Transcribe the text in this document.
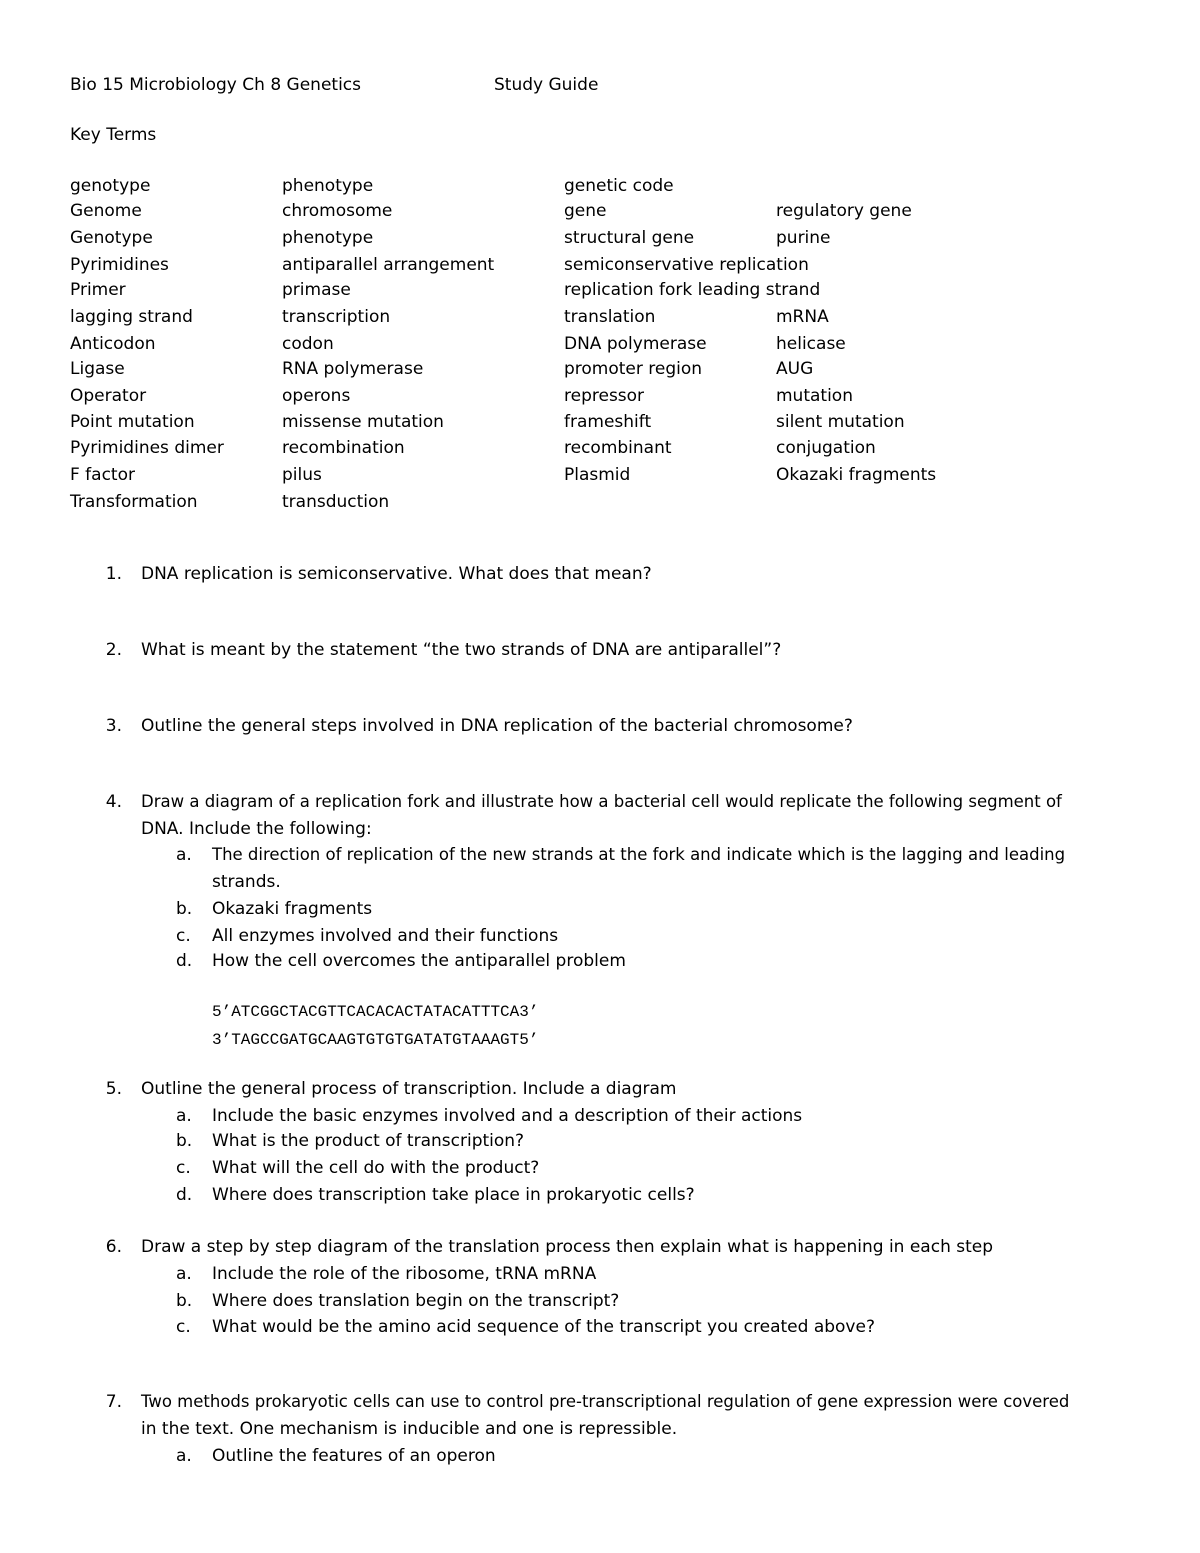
Bio 15 Microbiology Ch 8 Genetics	Study Guide
Key Terms
genotype	phenotype	genetic code
Genome	chromosome	gene	regulatory gene
Genotype	phenotype	structural gene	purine
Pyrimidines	antiparallel arrangement	semiconservative replication
Primer	primase	replication fork leading strand
lagging strand	transcription	translation	mRNA
Anticodon	codon	DNA polymerase	helicase
Ligase	RNA polymerase	promoter region	AUG
Operator	operons	repressor	mutation
Point mutation	missense mutation	frameshift	silent mutation
Pyrimidines dimer	recombination	recombinant	conjugation
F factor	pilus	Plasmid	Okazaki fragments
Transformation	transduction
1. DNA replication is semiconservative. What does that mean?
2. What is meant by the statement “the two strands of DNA are antiparallel”?
3. Outline the general steps involved in DNA replication of the bacterial chromosome?
4. Draw a diagram of a replication fork and illustrate how a bacterial cell would replicate the following segment of
DNA. Include the following:
a. The direction of replication of the new strands at the fork and indicate which is the lagging and leading
strands.
b. Okazaki fragments
c. All enzymes involved and their functions
d. How the cell overcomes the antiparallel problem
5’ATCGGCTACGTTCACACACTATACATTTCA3’
3’TAGCCGATGCAAGTGTGTGATATGTAAAGT5’
5. Outline the general process of transcription. Include a diagram
a. Include the basic enzymes involved and a description of their actions
b. What is the product of transcription?
c. What will the cell do with the product?
d. Where does transcription take place in prokaryotic cells?
6. Draw a step by step diagram of the translation process then explain what is happening in each step
a. Include the role of the ribosome, tRNA mRNA
b. Where does translation begin on the transcript?
c. What would be the amino acid sequence of the transcript you created above?
7. Two methods prokaryotic cells can use to control pre-transcriptional regulation of gene expression were covered
in the text. One mechanism is inducible and one is repressible.
a. Outline the features of an operon
